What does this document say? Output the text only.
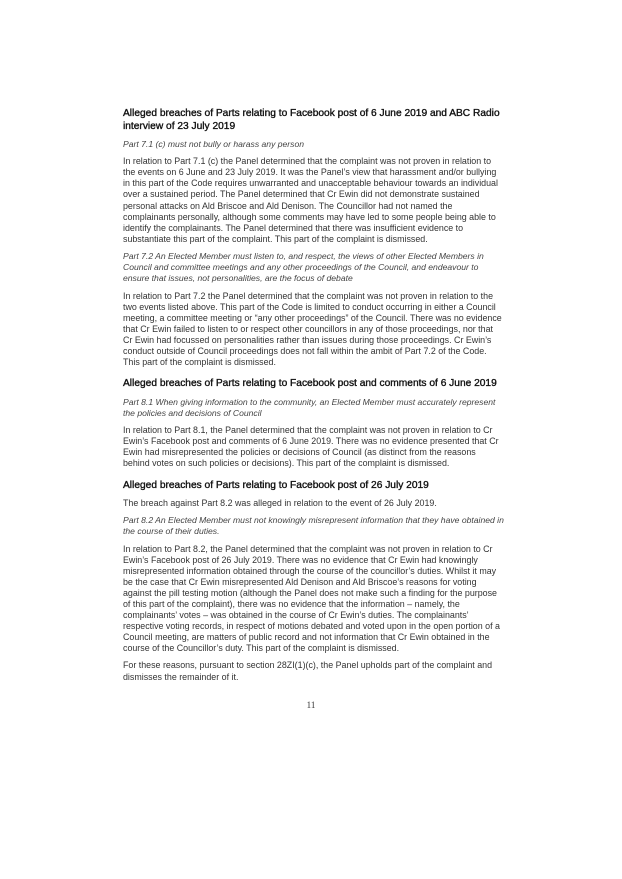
Alleged breaches of Parts relating to Facebook post of 6 June 2019 and ABC Radio interview of 23 July 2019

Part 7.1 (c) must not bully or harass any person

In relation to Part 7.1 (c) the Panel determined that the complaint was not proven in relation to the events on 6 June and 23 July 2019. It was the Panel’s view that harassment and/or bullying in this part of the Code requires unwarranted and unacceptable behaviour towards an individual over a sustained period. The Panel determined that Cr Ewin did not demonstrate sustained personal attacks on Ald Briscoe and Ald Denison. The Councillor had not named the complainants personally, although some comments may have led to some people being able to identify the complainants. The Panel determined that there was insufficient evidence to substantiate this part of the complaint. This part of the complaint is dismissed.

Part 7.2 An Elected Member must listen to, and respect, the views of other Elected Members in Council and committee meetings and any other proceedings of the Council, and endeavour to ensure that issues, not personalities, are the focus of debate

In relation to Part 7.2 the Panel determined that the complaint was not proven in relation to the two events listed above. This part of the Code is limited to conduct occurring in either a Council meeting, a committee meeting or “any other proceedings” of the Council. There was no evidence that Cr Ewin failed to listen to or respect other councillors in any of those proceedings, nor that Cr Ewin had focussed on personalities rather than issues during those proceedings. Cr Ewin’s conduct outside of Council proceedings does not fall within the ambit of Part 7.2 of the Code. This part of the complaint is dismissed.

Alleged breaches of Parts relating to Facebook post and comments of 6 June 2019

Part 8.1 When giving information to the community, an Elected Member must accurately represent the policies and decisions of Council

In relation to Part 8.1, the Panel determined that the complaint was not proven in relation to Cr Ewin’s Facebook post and comments of 6 June 2019. There was no evidence presented that Cr Ewin had misrepresented the policies or decisions of Council (as distinct from the reasons behind votes on such policies or decisions). This part of the complaint is dismissed.

Alleged breaches of Parts relating to Facebook post of 26 July 2019

The breach against Part 8.2 was alleged in relation to the event of 26 July 2019.

Part 8.2 An Elected Member must not knowingly misrepresent information that they have obtained in the course of their duties.

In relation to Part 8.2, the Panel determined that the complaint was not proven in relation to Cr Ewin’s Facebook post of 26 July 2019. There was no evidence that Cr Ewin had knowingly misrepresented information obtained through the course of the councillor’s duties. Whilst it may be the case that Cr Ewin misrepresented Ald Denison and Ald Briscoe’s reasons for voting against the pill testing motion (although the Panel does not make such a finding for the purpose of this part of the complaint), there was no evidence that the information – namely, the complainants’ votes – was obtained in the course of Cr Ewin’s duties. The complainants’ respective voting records, in respect of motions debated and voted upon in the open portion of a Council meeting, are matters of public record and not information that Cr Ewin obtained in the course of the Councillor’s duty. This part of the complaint is dismissed.

For these reasons, pursuant to section 28ZI(1)(c), the Panel upholds part of the complaint and dismisses the remainder of it.

11
